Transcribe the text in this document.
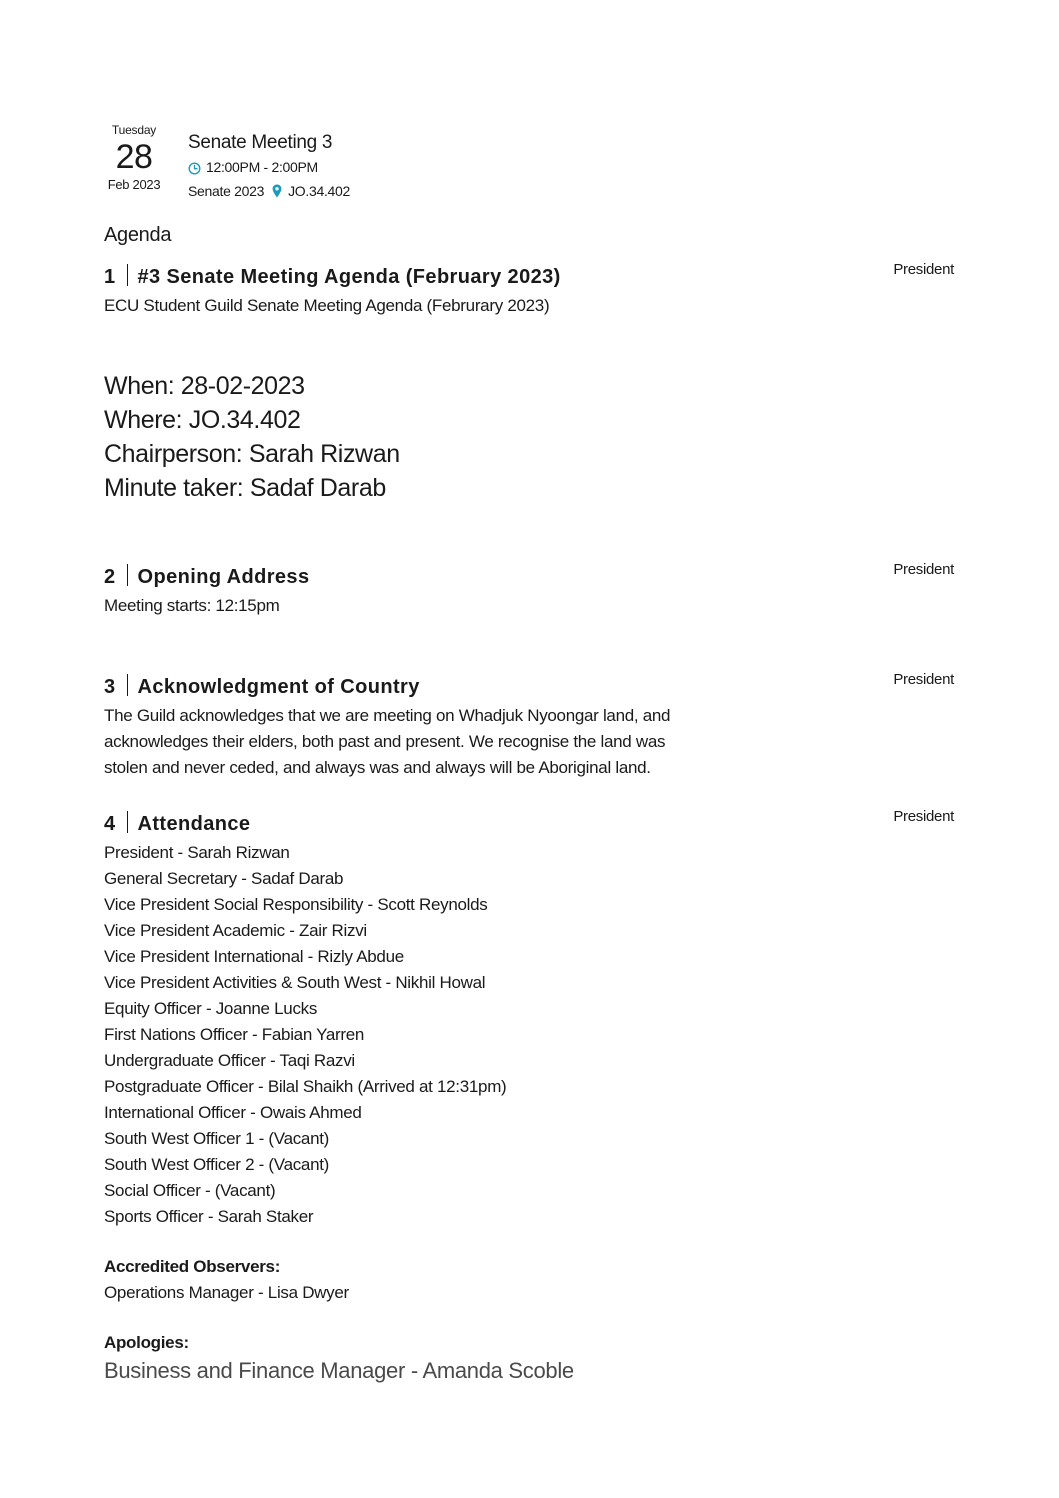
Tuesday
28
Feb 2023
Senate Meeting 3
12:00PM - 2:00PM
Senate 2023 JO.34.402
Agenda
1 #3 Senate Meeting Agenda (February 2023)	President
ECU Student Guild Senate Meeting Agenda (Februrary 2023)
When: 28-02-2023
Where: JO.34.402
Chairperson: Sarah Rizwan
Minute taker: Sadaf Darab
2 Opening Address	President
Meeting starts: 12:15pm
3 Acknowledgment of Country	President
The Guild acknowledges that we are meeting on Whadjuk Nyoongar land, and
acknowledges their elders, both past and present. We recognise the land was
stolen and never ceded, and always was and always will be Aboriginal land.
4 Attendance	President
President - Sarah Rizwan
General Secretary - Sadaf Darab
Vice President Social Responsibility - Scott Reynolds
Vice President Academic - Zair Rizvi
Vice President International - Rizly Abdue
Vice President Activities & South West - Nikhil Howal
Equity Officer - Joanne Lucks
First Nations Officer - Fabian Yarren
Undergraduate Officer - Taqi Razvi
Postgraduate Officer - Bilal Shaikh (Arrived at 12:31pm)
International Officer - Owais Ahmed
South West Officer 1 - (Vacant)
South West Officer 2 - (Vacant)
Social Officer - (Vacant)
Sports Officer - Sarah Staker
Accredited Observers:
Operations Manager - Lisa Dwyer
Apologies:
Business and Finance Manager - Amanda Scoble
